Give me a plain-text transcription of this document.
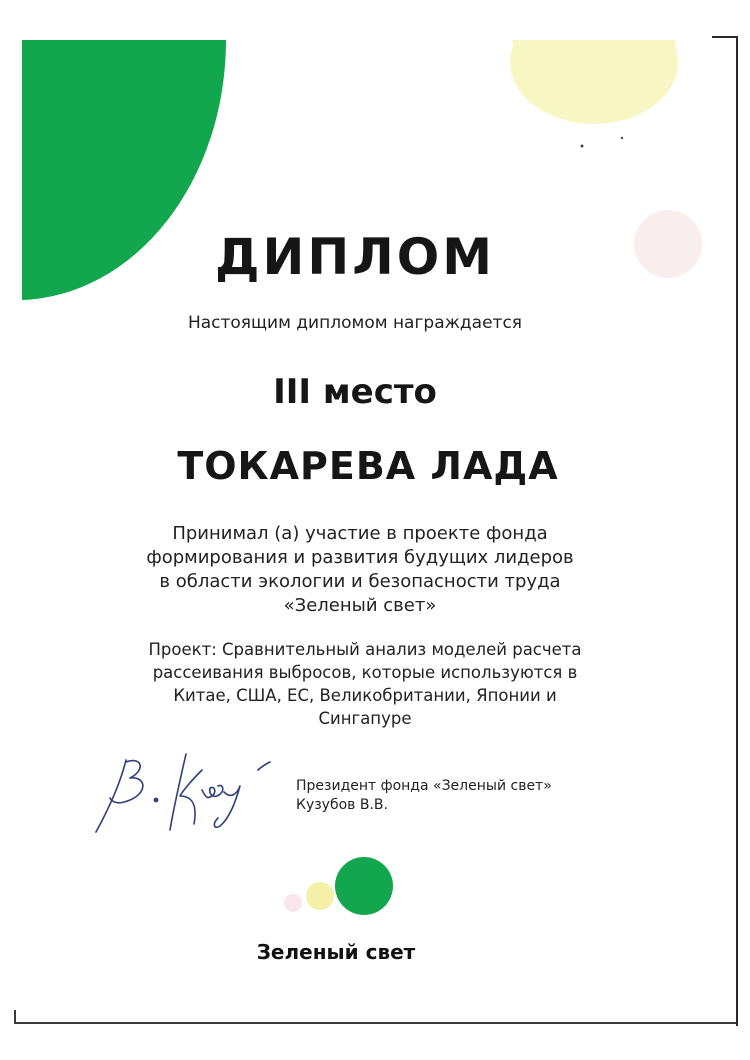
ДИПЛОМ
Настоящим дипломом награждается
III место
ТОКАРЕВА ЛАДА
Принимал (а) участие в проекте фонда
формирования и развития будущих лидеров
в области экологии и безопасности труда
«Зеленый свет»
Проект: Сравнительный анализ моделей расчета
рассеивания выбросов, которые используются в
Китае, США, ЕС, Великобритании, Японии и
Сингапуре
Президент фонда «Зеленый свет»
Кузубов В.В.
Зеленый свет
